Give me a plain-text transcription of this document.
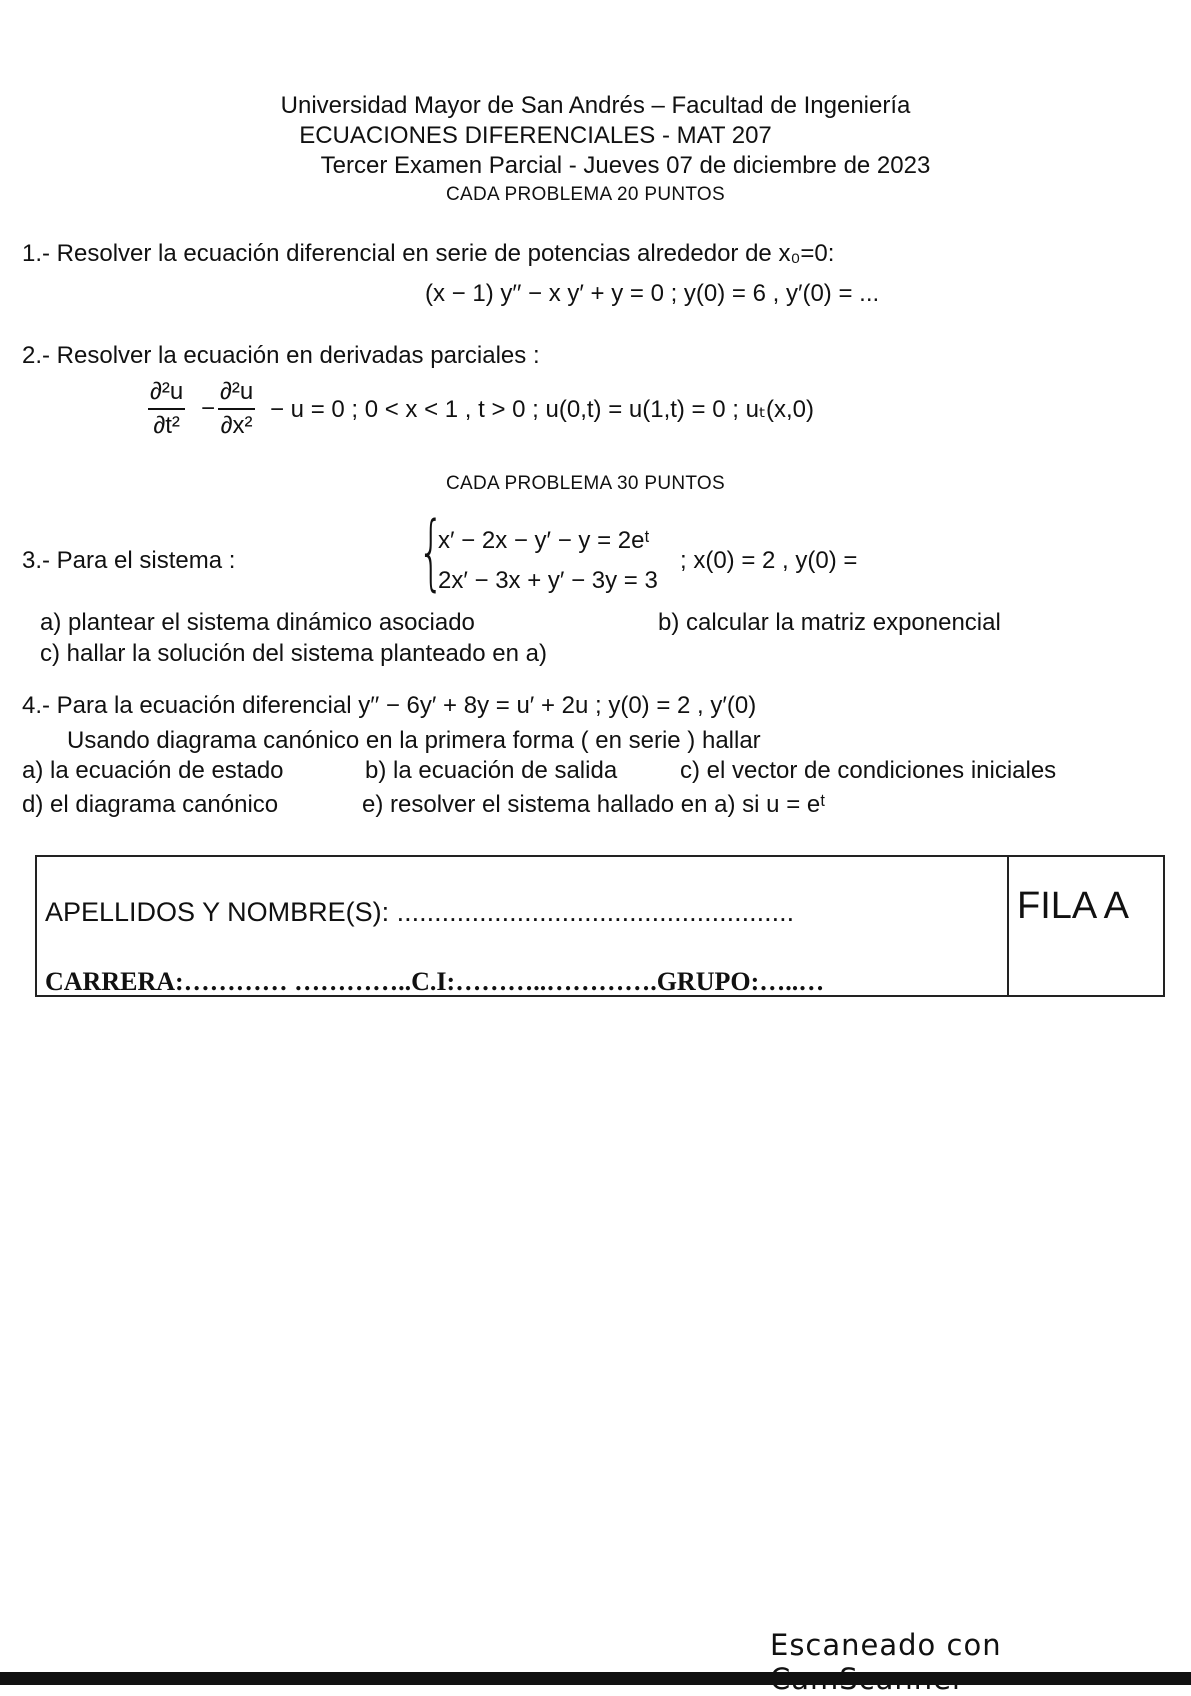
Universidad Mayor de San Andrés – Facultad de Ingeniería
ECUACIONES DIFERENCIALES - MAT 207
Tercer Examen Parcial - Jueves 07 de diciembre de 2023
CADA PROBLEMA 20 PUNTOS
1.- Resolver la ecuación diferencial en serie de potencias alrededor de x₀=0:
(x − 1) y′′ − x y′ + y = 0 ; y(0) = 6 , y′(0) = ...
2.- Resolver la ecuación en derivadas parciales :
$\frac{\text{∂²u}}{\text{∂t²}} - \frac{\text{∂²u}}{\text{∂x²}} - u = 0$ ; 0 < x < 1 , t > 0 ; u(0,t) = u(1,t) = 0 ; uₜ(x,0)
CADA PROBLEMA 30 PUNTOS
3.- Para el sistema : {
x′ − 2x − y′ − y = 2eᵗ
2x′ − 3x + y′ − 3y = 3
; x(0) = 2 , y(0) =
a) plantear el sistema dinámico asociado	b) calcular la matriz exponencial
c) hallar la solución del sistema planteado en a)
4.- Para la ecuación diferencial y′′ − 6y′ + 8y = u′ + 2u ; y(0) = 2 , y′(0)
Usando diagrama canónico en la primera forma ( en serie ) hallar
a) la ecuación de estado	b) la ecuación de salida	c) el vector de condiciones iniciales
d) el diagrama canónico	e) resolver el sistema hallado en a) si u = eᵗ
APELLIDOS Y NOMBRE(S): .....................................................
CARRERA:………… …………..C.I:………..………….GRUPO:…..…
FILA A
Escaneado con
